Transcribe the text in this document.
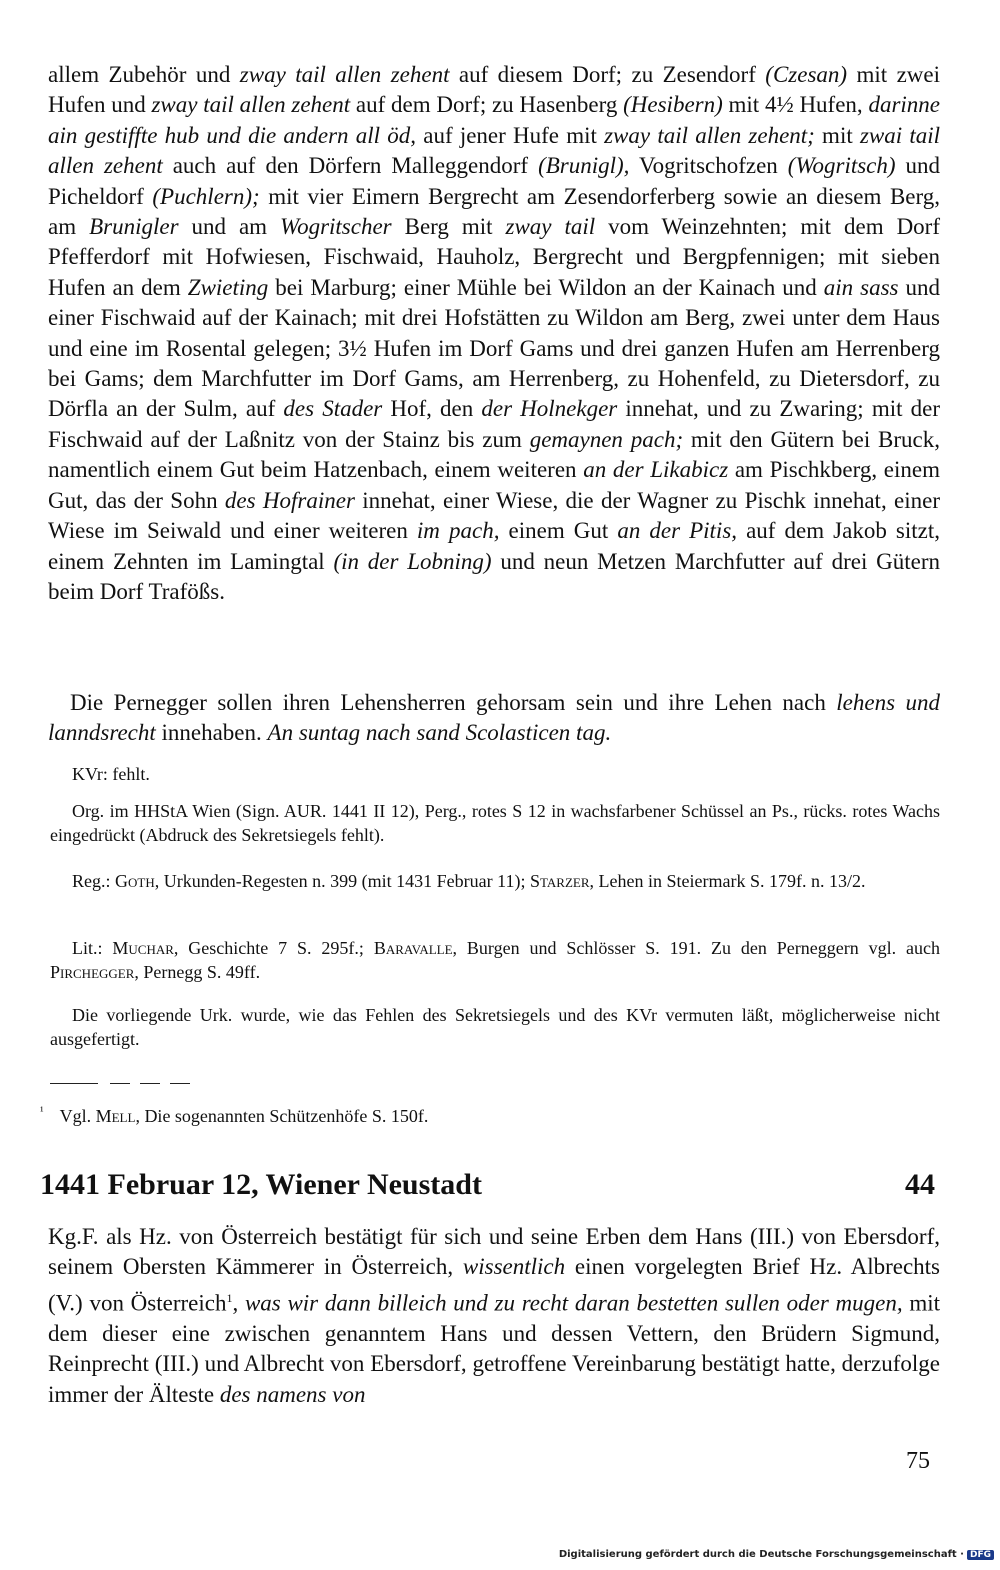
allem Zubehör und zway tail allen zehent auf diesem Dorf; zu Zesendorf (Czesan) mit zwei Hufen und zway tail allen zehent auf dem Dorf; zu Hasenberg (Hesibern) mit 4½ Hufen, darinne ain gestiffte hub und die andern all öd, auf jener Hufe mit zway tail allen zehent; mit zwai tail allen zehent auch auf den Dörfern Malleggendorf (Brunigl), Vogritschofzen (Wogritsch) und Picheldorf (Puchlern); mit vier Eimern Bergrecht am Zesendorferberg sowie an diesem Berg, am Brunigler und am Wogritscher Berg mit zway tail vom Weinzehnten; mit dem Dorf Pfefferdorf mit Hofwiesen, Fischwaid, Hauholz, Bergrecht und Bergpfennigen; mit sieben Hufen an dem Zwieting bei Marburg; einer Mühle bei Wildon an der Kainach und ain sass und einer Fischwaid auf der Kainach; mit drei Hofstätten zu Wildon am Berg, zwei unter dem Haus und eine im Rosental gelegen; 3½ Hufen im Dorf Gams und drei ganzen Hufen am Herrenberg bei Gams; dem Marchfutter im Dorf Gams, am Herrenberg, zu Hohenfeld, zu Dietersdorf, zu Dörfla an der Sulm, auf des Stader Hof, den der Holnekger innehat, und zu Zwaring; mit der Fischwaid auf der Laßnitz von der Stainz bis zum gemaynen pach; mit den Gütern bei Bruck, namentlich einem Gut beim Hatzenbach, einem weiteren an der Likabicz am Pischkberg, einem Gut, das der Sohn des Hofrainer innehat, einer Wiese, die der Wagner zu Pischk innehat, einer Wiese im Seiwald und einer weiteren im pach, einem Gut an der Pitis, auf dem Jakob sitzt, einem Zehnten im Lamingtal (in der Lobning) und neun Metzen Marchfutter auf drei Gütern beim Dorf Trafößs.

Die Pernegger sollen ihren Lehensherren gehorsam sein und ihre Lehen nach lehens und lanndsrecht innehaben. An suntag nach sand Scolasticen tag.

KVr: fehlt.

Org. im HHStA Wien (Sign. AUR. 1441 II 12), Perg., rotes S 12 in wachsfarbener Schüssel an Ps., rücks. rotes Wachs eingedrückt (Abdruck des Sekretsiegels fehlt).

Reg.: Goth, Urkunden-Regesten n. 399 (mit 1431 Februar 11); Starzer, Lehen in Steiermark S. 179f. n. 13/2.

Lit.: Muchar, Geschichte 7 S. 295f.; Baravalle, Burgen und Schlösser S. 191. Zu den Perneggern vgl. auch Pirchegger, Pernegg S. 49ff.

Die vorliegende Urk. wurde, wie das Fehlen des Sekretsiegels und des KVr vermuten läßt, möglicherweise nicht ausgefertigt.

$^{^1}$ Vgl. Mell, Die sogenannten Schützenhöfe S. 150f.

1441 Februar 12, Wiener Neustadt	44

Kg.F. als Hz. von Österreich bestätigt für sich und seine Erben dem Hans (III.) von Ebersdorf, seinem Obersten Kämmerer in Österreich, wissentlich einen vorgelegten Brief Hz. Albrechts (V.) von Österreich$^1$, was wir dann billeich und zu recht daran bestetten sullen oder mugen, mit dem dieser eine zwischen genanntem Hans und dessen Vettern, den Brüdern Sigmund, Reinprecht (III.) und Albrecht von Ebersdorf, getroffene Vereinbarung bestätigt hatte, derzufolge immer der Älteste des namens von

75
Digitalisierung gefördert durch die Deutsche Forschungsgemeinschaft · DFG
